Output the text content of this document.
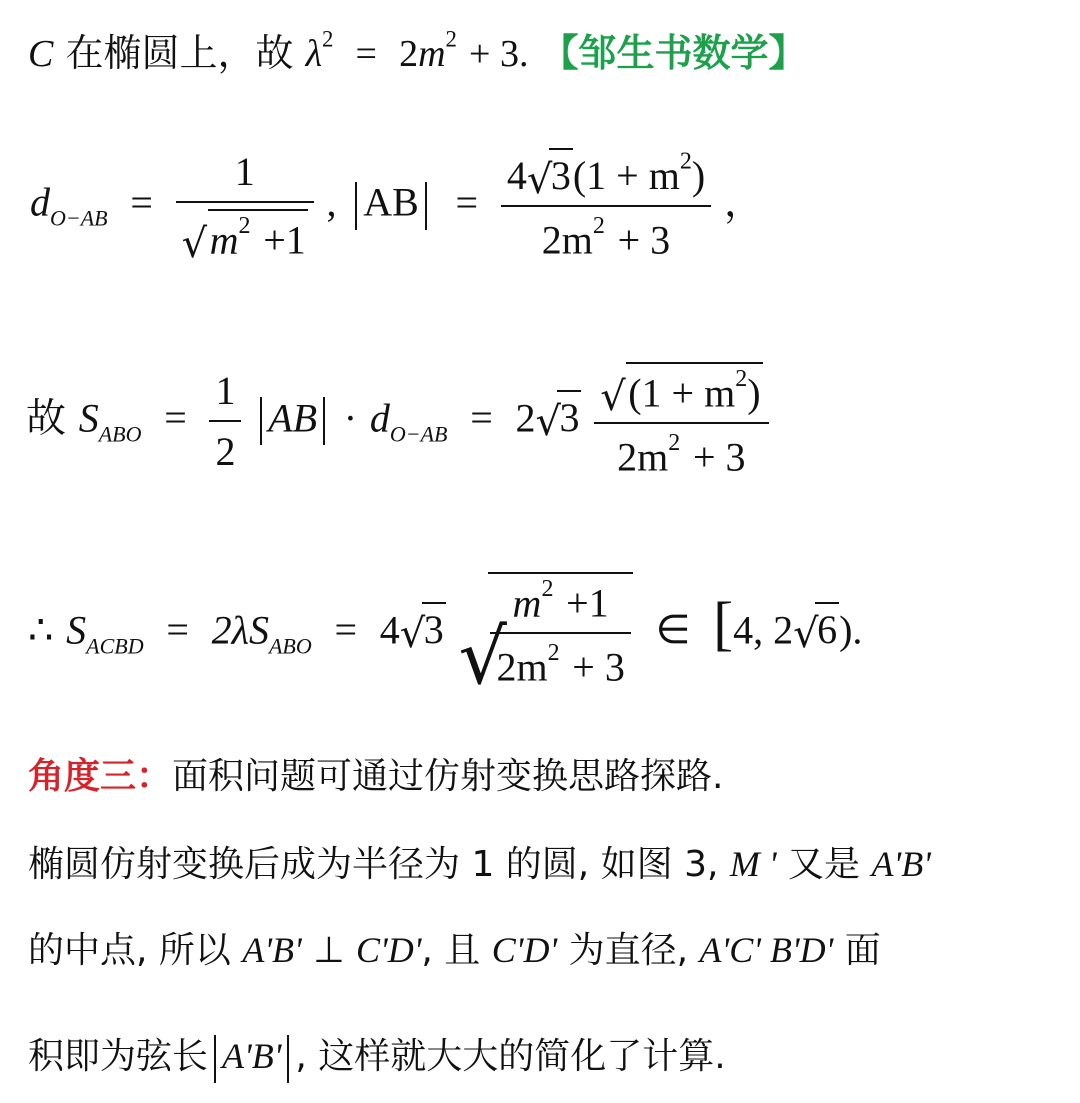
C 在椭圆上，故 $\lambda^2 = 2m^2 + 3$. 【邹生书数学】
$d_{O-AB} = \frac{1}{√ m^2 +1}$ , AB = 4 √
$3(1 + m^2)$
$2m^2 + 3$ ，
故 $S_{ABO} = \frac{1}{2}$ AB · $d_{O-AB} = 2$ √
$3 \frac{√ (1 + m^2)}{2m^2 + 3}$
∴ $S_{ACBD} = 2\lambda S_{ABO} = 4$ √
3 √
$\frac{m^2 +1}{2m^2 + 3}$ ∈ [4, 2 √
6).
角度三：面积问题可通过仿射变换思路探路.
椭圆仿射变换后成为半径为 1 的圆, 如图 3, M ' 又是 A'B'
的中点, 所以 A'B' ⊥ C'D', 且 C'D' 为直径, A'C' B'D' 面
积即为弦长 A'B' , 这样就大大的简化了计算.
